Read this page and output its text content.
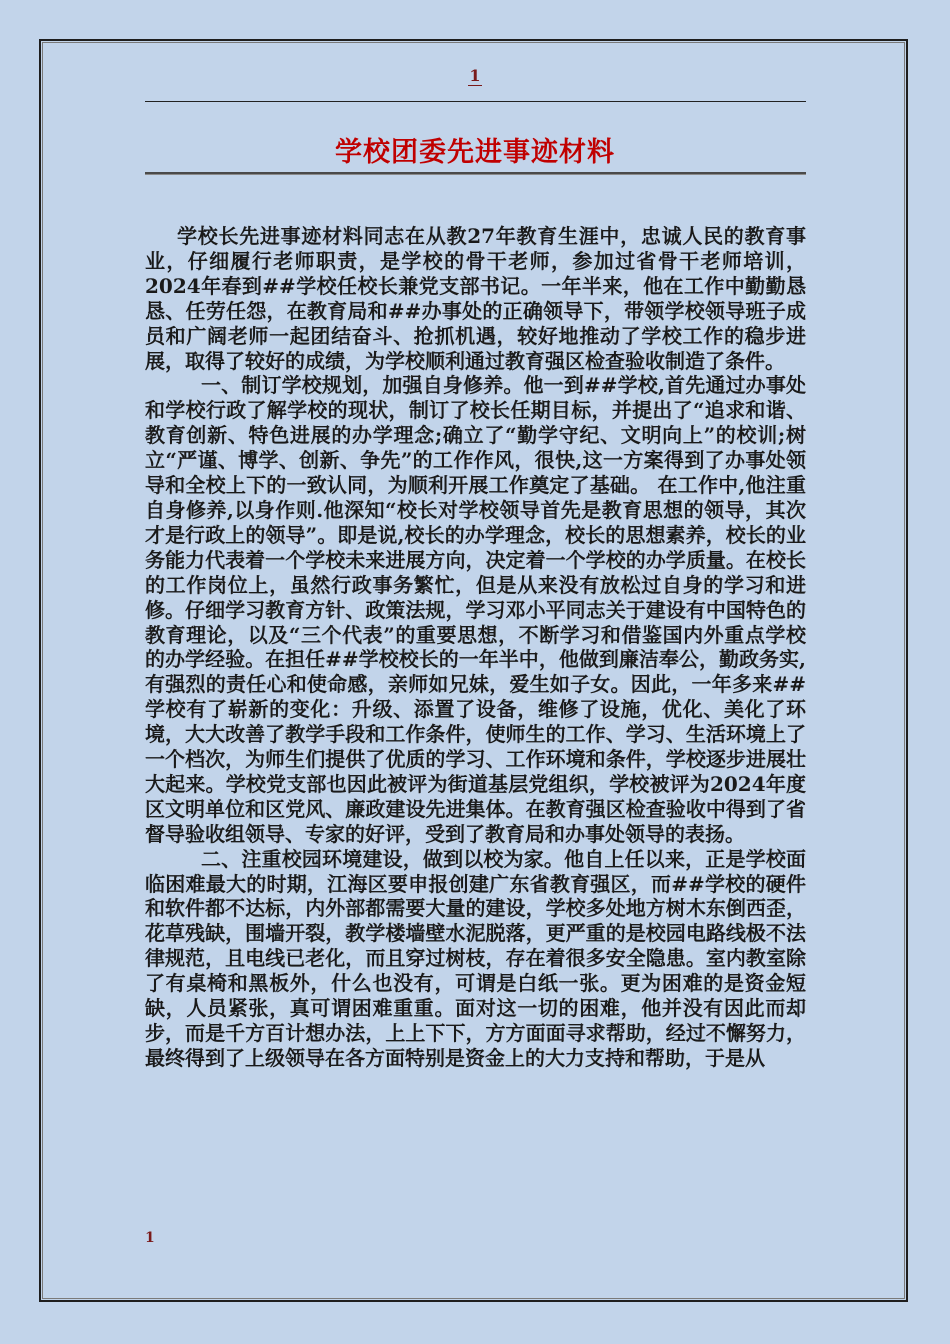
1
学校团委先进事迹材料

学校长先进事迹材料同志在从教27年教育生涯中，忠诚人民的教育事业，仔细履行老师职责，是学校的骨干老师，参加过省骨干老师培训，2024年春到##学校任校长兼党支部书记。一年半来，他在工作中勤勤恳恳、任劳任怨，在教育局和##办事处的正确领导下，带领学校领导班子成员和广阔老师一起团结奋斗、抢抓机遇，较好地推动了学校工作的稳步进展，取得了较好的成绩，为学校顺利通过教育强区检查验收制造了条件。

一、制订学校规划，加强自身修养。他一到##学校,首先通过办事处和学校行政了解学校的现状，制订了校长任期目标，并提出了“追求和谐、教育创新、特色进展的办学理念;确立了“勤学守纪、文明向上”的校训;树立“严谨、博学、创新、争先”的工作作风，很快,这一方案得到了办事处领导和全校上下的一致认同，为顺利开展工作奠定了基础。 在工作中,他注重自身修养,以身作则.他深知“校长对学校领导首先是教育思想的领导，其次才是行政上的领导”。即是说,校长的办学理念，校长的思想素养，校长的业务能力代表着一个学校未来进展方向，决定着一个学校的办学质量。在校长的工作岗位上，虽然行政事务繁忙，但是从来没有放松过自身的学习和进修。仔细学习教育方针、政策法规，学习邓小平同志关于建设有中国特色的教育理论，以及“三个代表”的重要思想，不断学习和借鉴国内外重点学校的办学经验。在担任##学校校长的一年半中，他做到廉洁奉公，勤政务实,有强烈的责任心和使命感，亲师如兄妹，爱生如子女。因此，一年多来##学校有了崭新的变化：升级、添置了设备，维修了设施，优化、美化了环境，大大改善了教学手段和工作条件，使师生的工作、学习、生活环境上了一个档次，为师生们提供了优质的学习、工作环境和条件，学校逐步进展壮大起来。学校党支部也因此被评为街道基层党组织，学校被评为2024年度区文明单位和区党风、廉政建设先进集体。在教育强区检查验收中得到了省督导验收组领导、专家的好评，受到了教育局和办事处领导的表扬。

二、注重校园环境建设，做到以校为家。他自上任以来，正是学校面临困难最大的时期，江海区要申报创建广东省教育强区，而##学校的硬件和软件都不达标，内外部都需要大量的建设，学校多处地方树木东倒西歪，花草残缺，围墙开裂，教学楼墙壁水泥脱落，更严重的是校园电路线极不法律规范，且电线已老化，而且穿过树枝，存在着很多安全隐患。室内教室除了有桌椅和黑板外，什么也没有，可谓是白纸一张。更为困难的是资金短缺，人员紧张，真可谓困难重重。面对这一切的困难，他并没有因此而却步，而是千方百计想办法，上上下下，方方面面寻求帮助，经过不懈努力，最终得到了上级领导在各方面特别是资金上的大力支持和帮助，于是从

1
